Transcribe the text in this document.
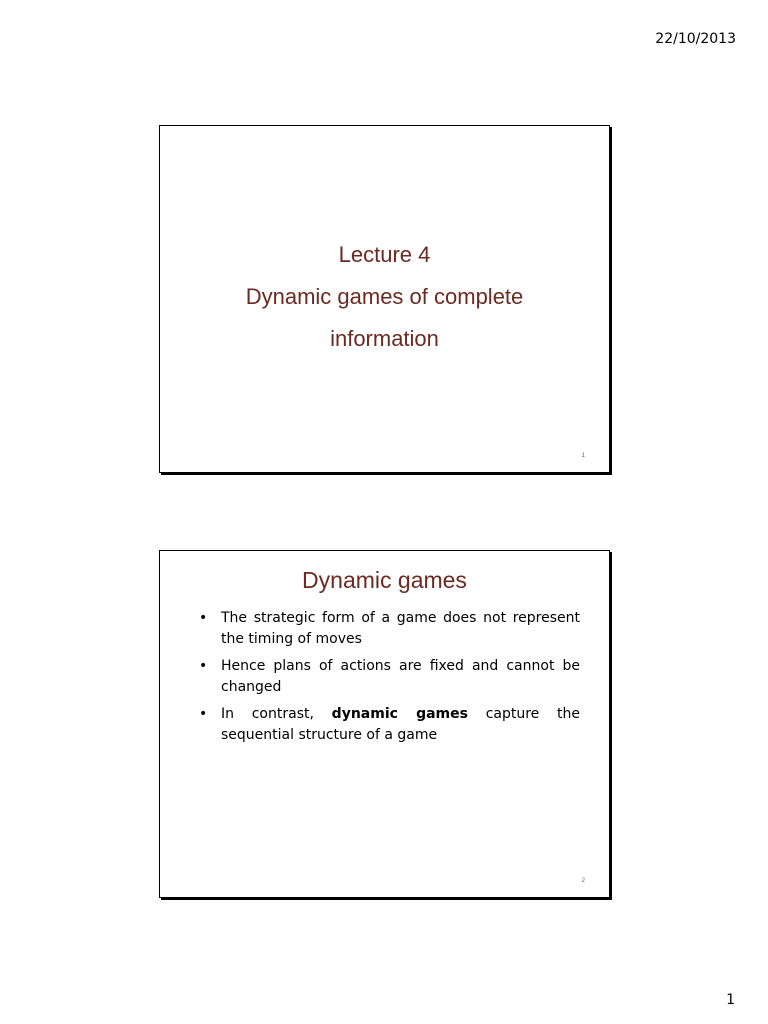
22/10/2013
Lecture 4
Dynamic games of complete
information
1
Dynamic games
• The strategic form of a game does not represent the timing of moves
• Hence plans of actions are fixed and cannot be changed
• In contrast, dynamic games capture the sequential structure of a game
2
1
